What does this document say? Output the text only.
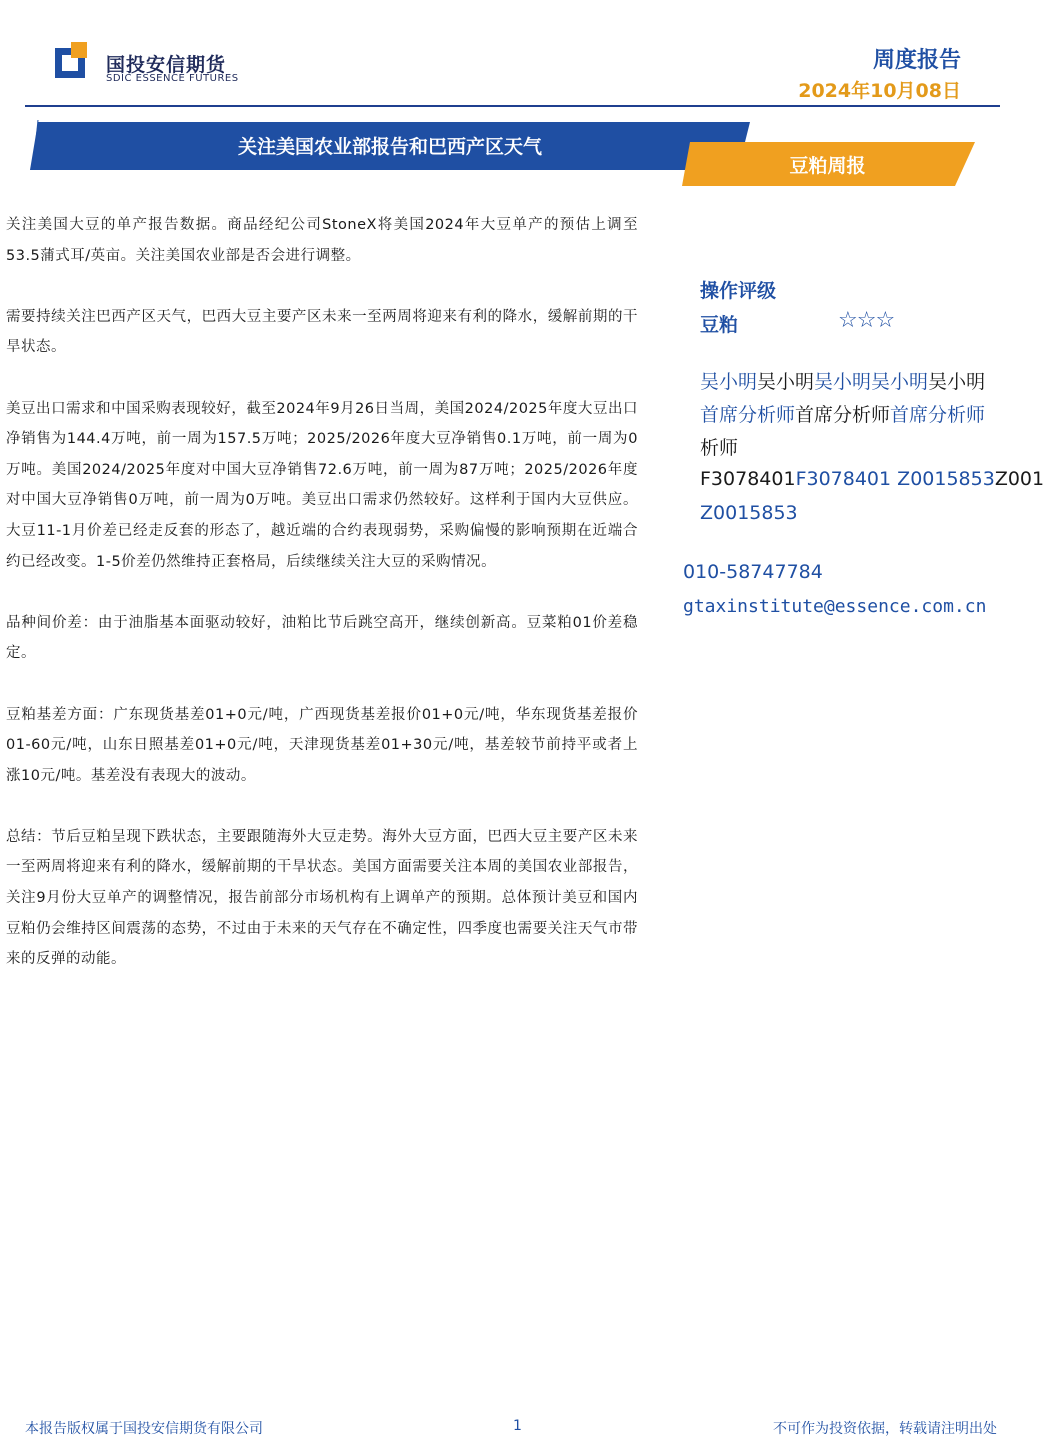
国投安信期货
SDIC ESSENCE FUTURES
周度报告
2024年10月08日
关注美国农业部报告和巴西产区天气
豆粕周报

关注美国大豆的单产报告数据。商品经纪公司StoneX将美国2024年大豆单产的预估上调至53.5蒲式耳/英亩。关注美国农业部是否会进行调整。

需要持续关注巴西产区天气，巴西大豆主要产区未来一至两周将迎来有利的降水，缓解前期的干旱状态。

美豆出口需求和中国采购表现较好，截至2024年9月26日当周，美国2024/2025年度大豆出口净销售为144.4万吨，前一周为157.5万吨；2025/2026年度大豆净销售0.1万吨，前一周为0万吨。美国2024/2025年度对中国大豆净销售72.6万吨，前一周为87万吨；2025/2026年度对中国大豆净销售0万吨，前一周为0万吨。美豆出口需求仍然较好。这样利于国内大豆供应。大豆11-1月价差已经走反套的形态了，越近端的合约表现弱势，采购偏慢的影响预期在近端合约已经改变。1-5价差仍然维持正套格局，后续继续关注大豆的采购情况。

品种间价差：由于油脂基本面驱动较好，油粕比节后跳空高开，继续创新高。豆菜粕01价差稳定。

豆粕基差方面：广东现货基差01+0元/吨，广西现货基差报价01+0元/吨，华东现货基差报价01-60元/吨，山东日照基差01+0元/吨，天津现货基差01+30元/吨，基差较节前持平或者上涨10元/吨。基差没有表现大的波动。

总结：节后豆粕呈现下跌状态，主要跟随海外大豆走势。海外大豆方面，巴西大豆主要产区未来一至两周将迎来有利的降水，缓解前期的干旱状态。美国方面需要关注本周的美国农业部报告，关注9月份大豆单产的调整情况，报告前部分市场机构有上调单产的预期。总体预计美豆和国内豆粕仍会维持区间震荡的态势，不过由于未来的天气存在不确定性，四季度也需要关注天气市带来的反弹的动能。

操作评级
豆粕	☆☆☆
吴小明吴小明吴小明吴小明吴小明
首席分析师首席分析师首席分析师
析师
F3078401F3078401 Z0015853Z001
Z0015853
010-58747784
gtaxinstitute@essence.com.cn
本报告版权属于国投安信期货有限公司	1	不可作为投资依据，转载请注明出处
